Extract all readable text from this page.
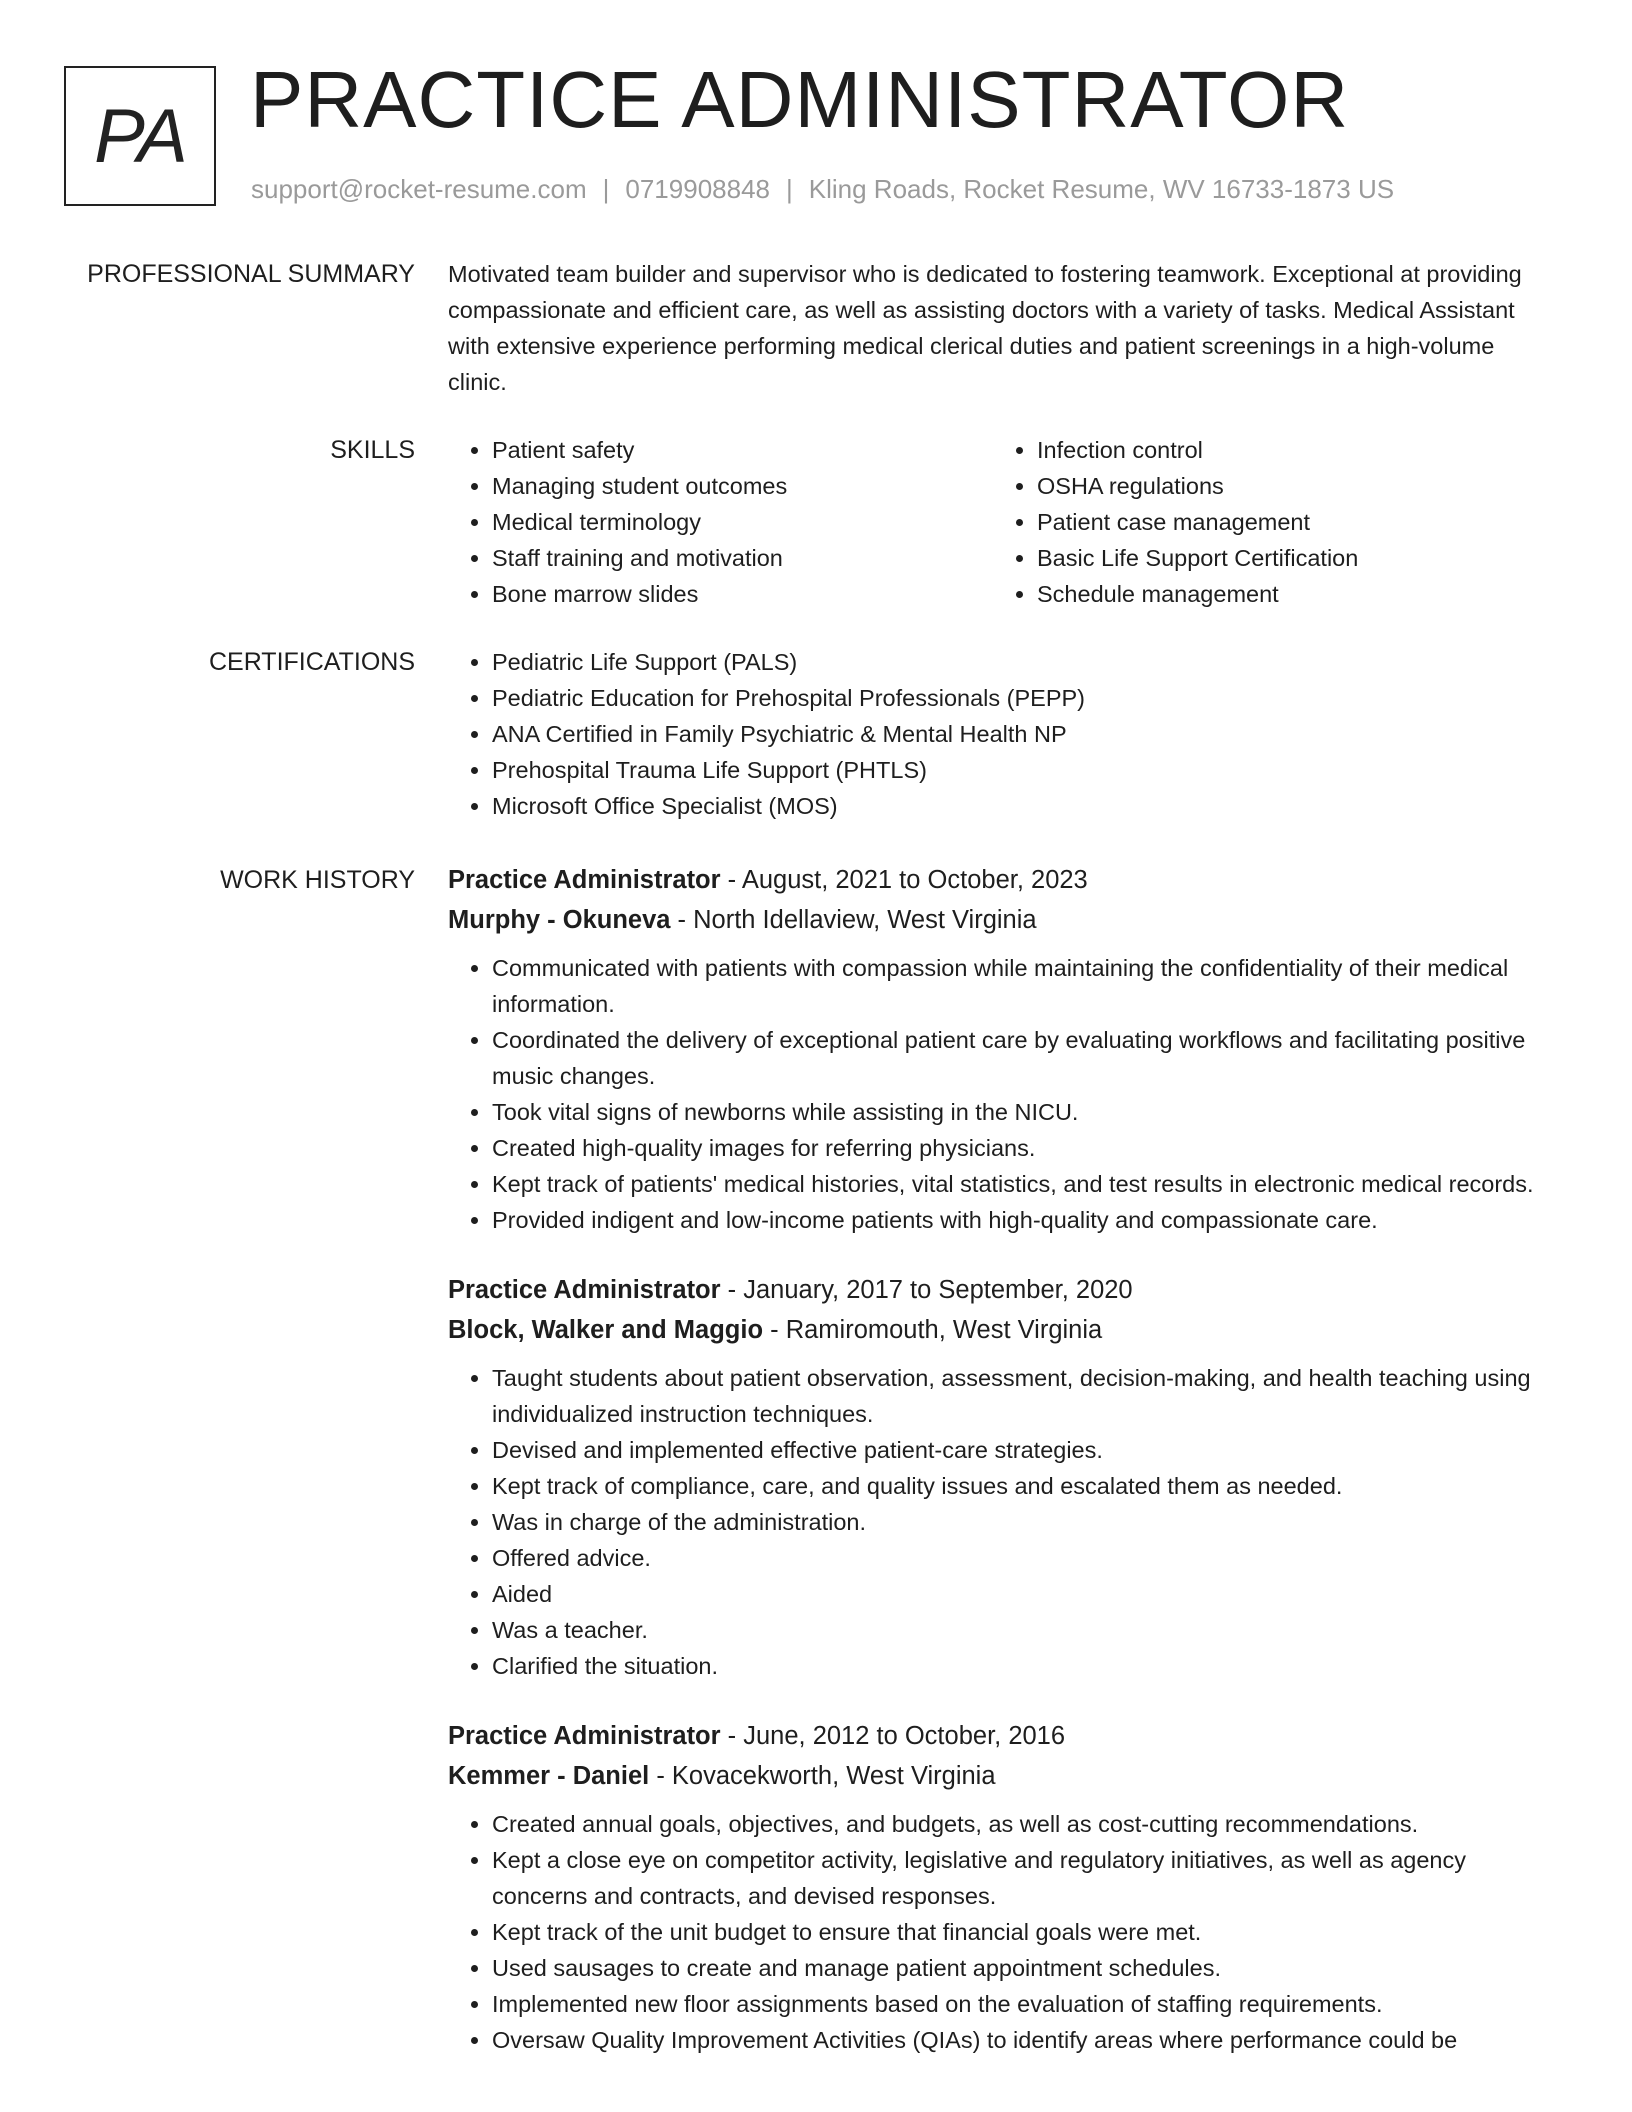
PA PRACTICE ADMINISTRATOR
support@rocket-resume.com | 0719908848 | Kling Roads, Rocket Resume, WV 16733-1873 US
PROFESSIONAL SUMMARY Motivated team builder and supervisor who is dedicated to fostering teamwork. Exceptional at providing compassionate and efficient care, as well as assisting doctors with a variety of tasks. Medical Assistant with extensive experience performing medical clerical duties and patient screenings in a high-volume clinic.
SKILLS	• Patient safety
• Managing student outcomes
• Medical terminology
• Staff training and motivation
• Bone marrow slides
• Infection control
• OSHA regulations
• Patient case management
• Basic Life Support Certification
• Schedule management
CERTIFICATIONS	• Pediatric Life Support (PALS)
• Pediatric Education for Prehospital Professionals (PEPP)
• ANA Certified in Family Psychiatric & Mental Health NP
• Prehospital Trauma Life Support (PHTLS)
• Microsoft Office Specialist (MOS)
WORK HISTORY Practice Administrator - August, 2021 to October, 2023
Murphy - Okuneva - North Idellaview, West Virginia
• Communicated with patients with compassion while maintaining the confidentiality of their medical information.
• Coordinated the delivery of exceptional patient care by evaluating workflows and facilitating positive music changes.
• Took vital signs of newborns while assisting in the NICU.
• Created high-quality images for referring physicians.
• Kept track of patients' medical histories, vital statistics, and test results in electronic medical records.
• Provided indigent and low-income patients with high-quality and compassionate care.
Practice Administrator - January, 2017 to September, 2020
Block, Walker and Maggio - Ramiromouth, West Virginia
• Taught students about patient observation, assessment, decision-making, and health teaching using individualized instruction techniques.
• Devised and implemented effective patient-care strategies.
• Kept track of compliance, care, and quality issues and escalated them as needed.
• Was in charge of the administration.
• Offered advice.
• Aided
• Was a teacher.
• Clarified the situation.
Practice Administrator - June, 2012 to October, 2016
Kemmer - Daniel - Kovacekworth, West Virginia
• Created annual goals, objectives, and budgets, as well as cost-cutting recommendations.
• Kept a close eye on competitor activity, legislative and regulatory initiatives, as well as agency concerns and contracts, and devised responses.
• Kept track of the unit budget to ensure that financial goals were met.
• Used sausages to create and manage patient appointment schedules.
• Implemented new floor assignments based on the evaluation of staffing requirements.
• Oversaw Quality Improvement Activities (QIAs) to identify areas where performance could be
